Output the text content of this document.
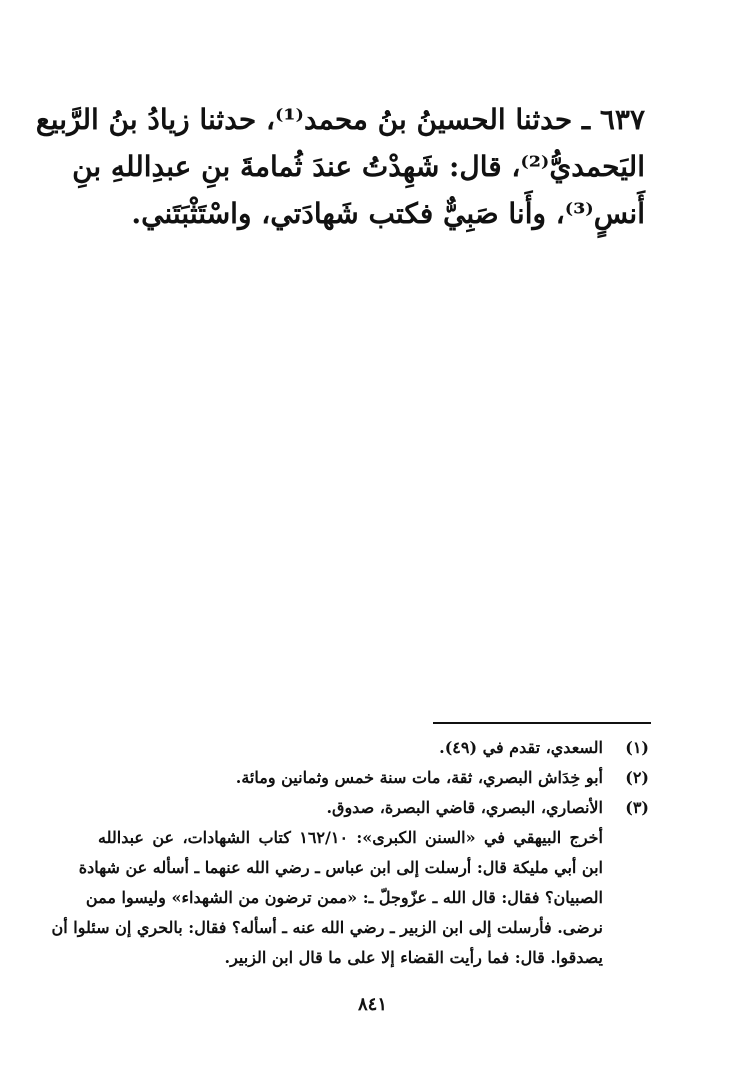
٦٣٧ ـ حدثنا الحسينُ بنُ محمد⁽¹⁾، حدثنا زيادُ بنُ الرَّبيع
اليَحمديُّ⁽²⁾، قال: شَهِدْتُ عندَ ثُمامةَ بنِ عبدِاللهِ بنِ
أَنسٍ⁽³⁾، وأَنا صَبِيٌّ فكتب شَهادَتي، واسْتَثْبَتَني.
(١)
السعدي، تقدم في (٤٩).
(٢)
أبو خِدَاش البصري، ثقة، مات سنة خمس وثمانين ومائة.
(٣)
الأنصاري، البصري، قاضي البصرة، صدوق.
أخرج البيهقي في «السنن الكبرى»: ١٦٢/١٠ كتاب الشهادات، عن عبدالله
ابن أبي مليكة قال: أرسلت إلى ابن عباس ـ رضي الله عنهما ـ أسأله عن شهادة
الصبيان؟ فقال: قال الله ـ عزّوجلّ ـ: «ممن ترضون من الشهداء» وليسوا ممن
نرضى. فأرسلت إلى ابن الزبير ـ رضي الله عنه ـ أسأله؟ فقال: بالحري إن سئلوا أن
يصدقوا. قال: فما رأيت القضاء إلا على ما قال ابن الزبير.
٨٤١
